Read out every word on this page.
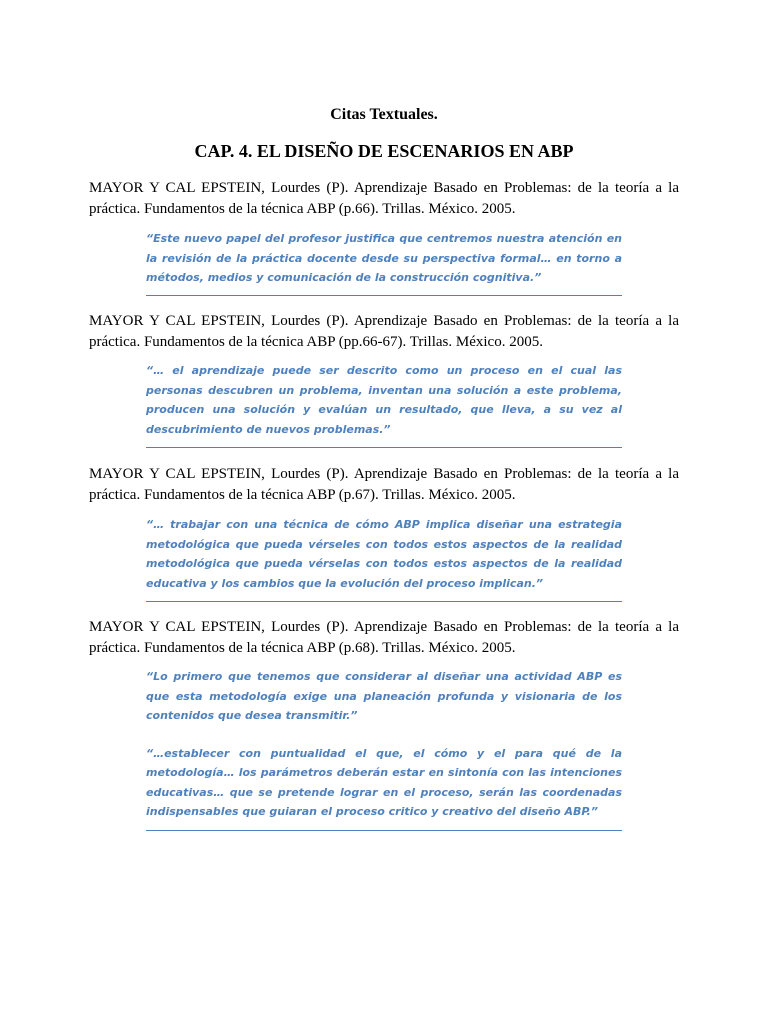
Citas Textuales.
CAP. 4. EL DISEÑO DE ESCENARIOS EN ABP

MAYOR Y CAL EPSTEIN, Lourdes (P). Aprendizaje Basado en Problemas: de la teoría a la práctica. Fundamentos de la técnica ABP (p.66). Trillas. México. 2005.

“Este nuevo papel del profesor justifica que centremos nuestra atención en la revisión de la práctica docente desde su perspectiva formal… en torno a métodos, medios y comunicación de la construcción cognitiva.”

MAYOR Y CAL EPSTEIN, Lourdes (P). Aprendizaje Basado en Problemas: de la teoría a la práctica. Fundamentos de la técnica ABP (pp.66-67). Trillas. México. 2005.

“… el aprendizaje puede ser descrito como un proceso en el cual las personas descubren un problema, inventan una solución a este problema, producen una solución y evalúan un resultado, que lleva, a su vez al descubrimiento de nuevos problemas.”

MAYOR Y CAL EPSTEIN, Lourdes (P). Aprendizaje Basado en Problemas: de la teoría a la práctica. Fundamentos de la técnica ABP (p.67). Trillas. México. 2005.

“… trabajar con una técnica de cómo ABP implica diseñar una estrategia metodológica que pueda vérseles con todos estos aspectos de la realidad metodológica que pueda vérselas con todos estos aspectos de la realidad educativa y los cambios que la evolución del proceso implican.”

MAYOR Y CAL EPSTEIN, Lourdes (P). Aprendizaje Basado en Problemas: de la teoría a la práctica. Fundamentos de la técnica ABP (p.68). Trillas. México. 2005.

“Lo primero que tenemos que considerar al diseñar una actividad ABP es que esta metodología exige una planeación profunda y visionaria de los contenidos que desea transmitir.”

“…establecer con puntualidad el que, el cómo y el para qué de la metodología… los parámetros deberán estar en sintonía con las intenciones educativas… que se pretende lograr en el proceso, serán las coordenadas indispensables que guiaran el proceso critico y creativo del diseño ABP.”
